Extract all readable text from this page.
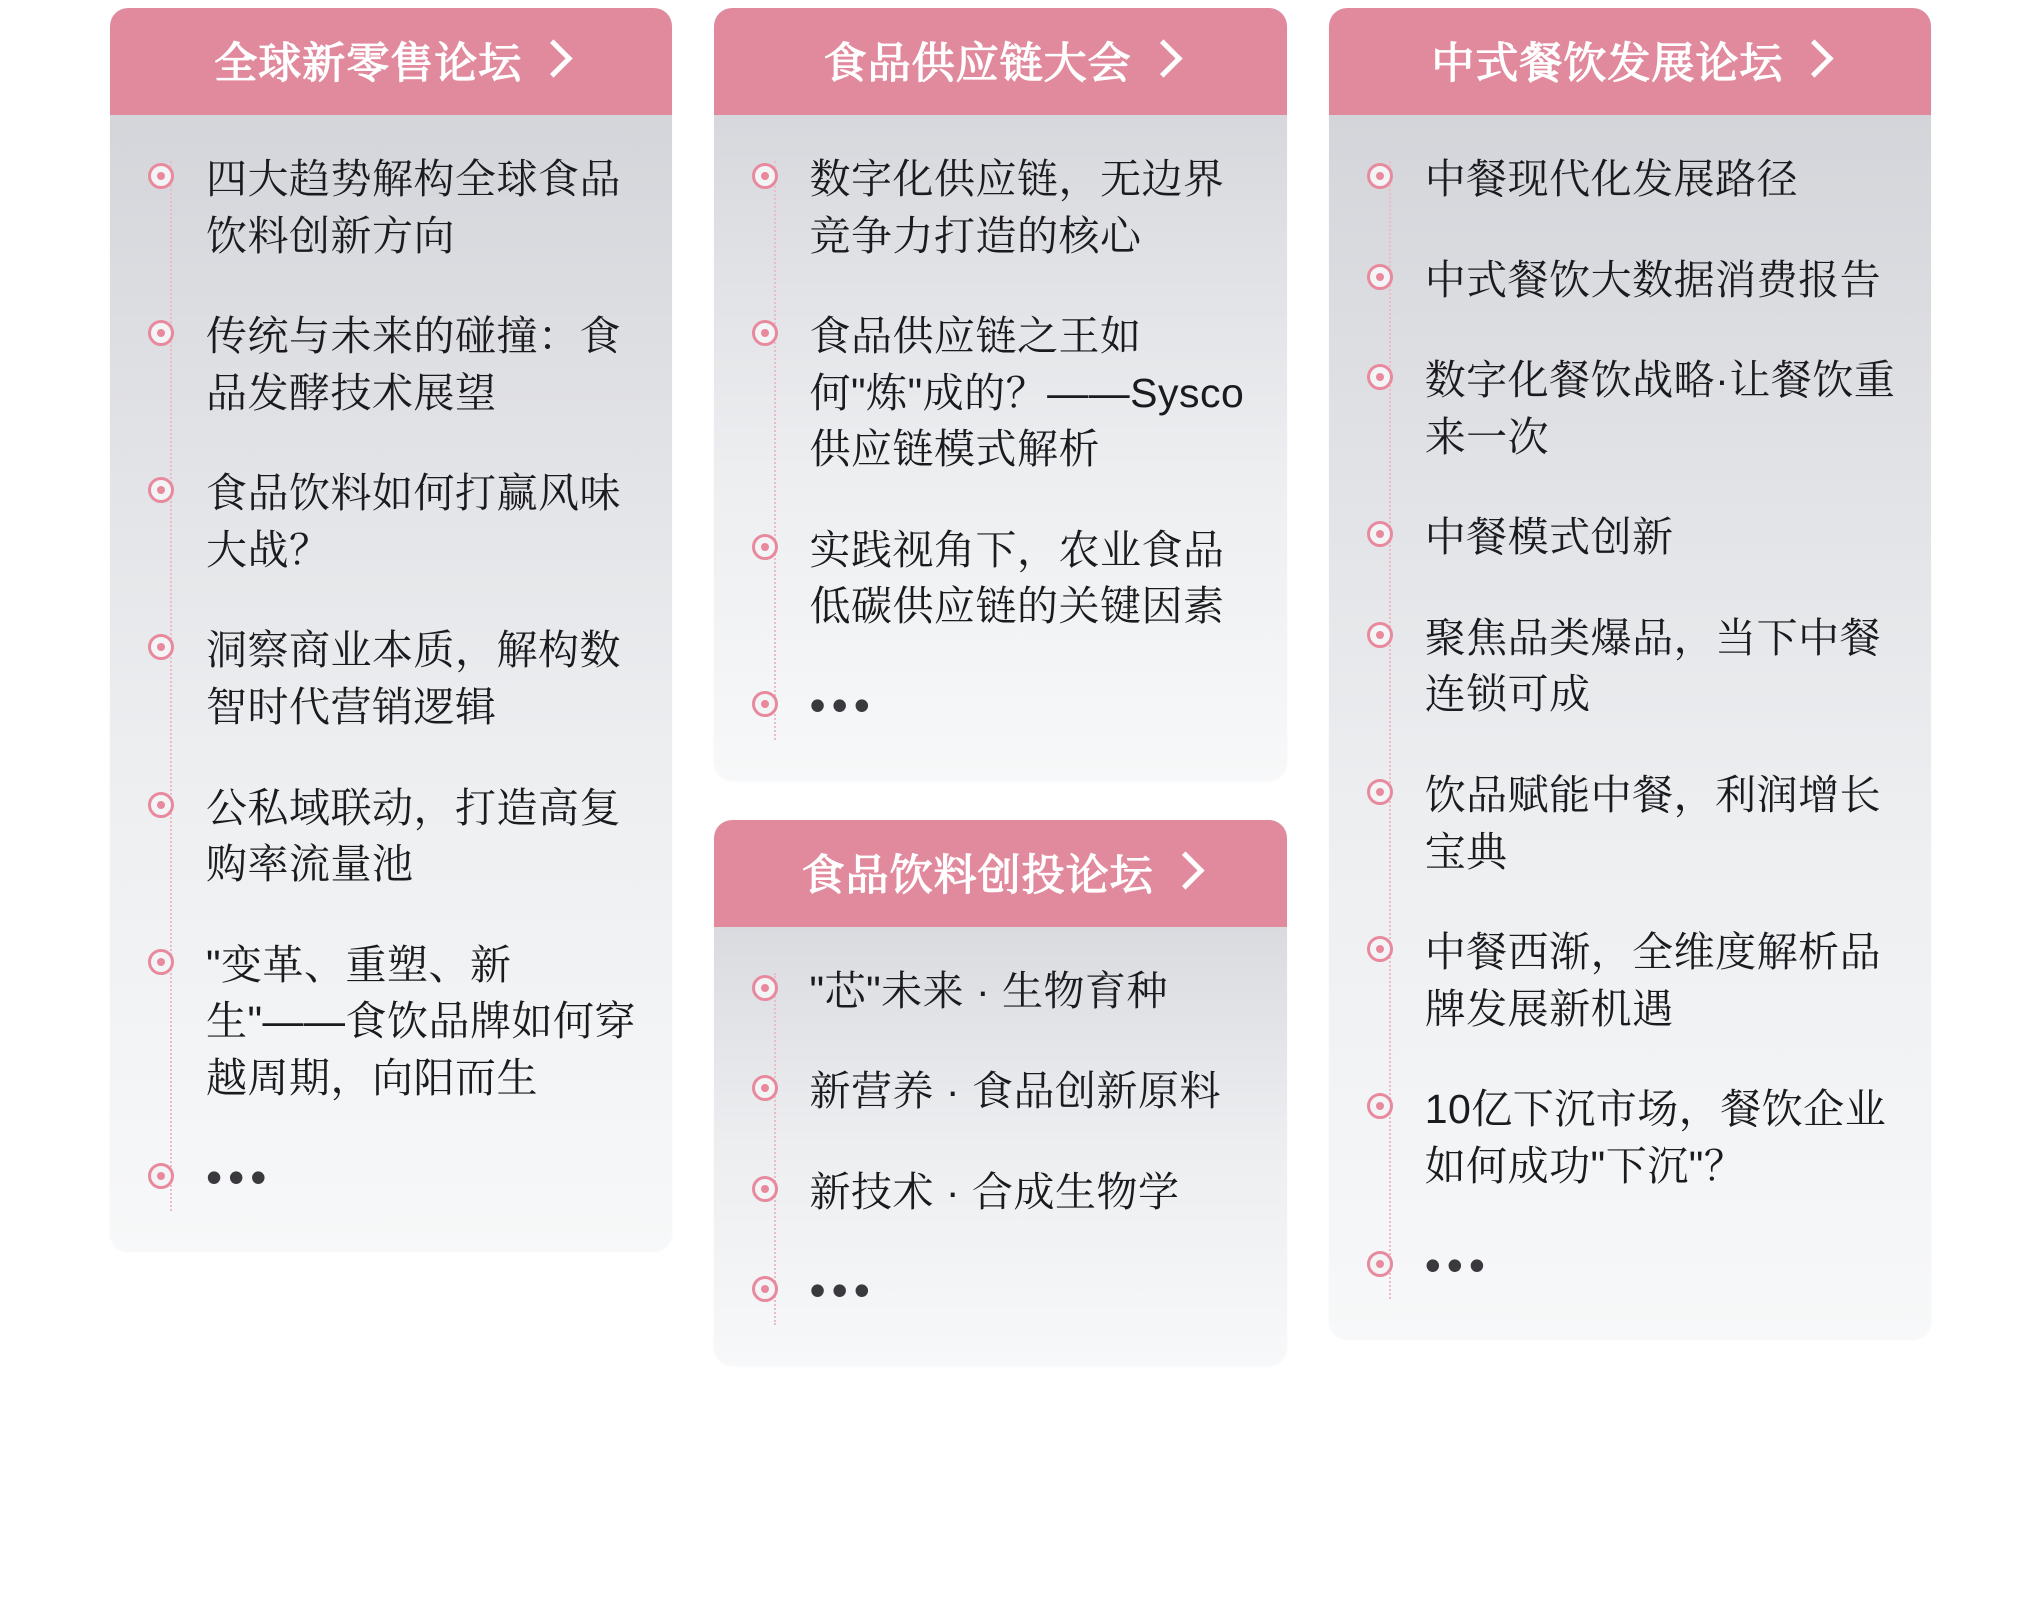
全球新零售论坛
四大趋势解构全球食品饮料创新方向
传统与未来的碰撞：食品发酵技术展望
食品饮料如何打赢风味大战？
洞察商业本质，解构数智时代营销逻辑
公私域联动，打造高复购率流量池
"变革、重塑、新生"——食饮品牌如何穿越周期，向阳而生
•••
食品供应链大会
数字化供应链，无边界竞争力打造的核心
食品供应链之王如何"炼"成的？——Sysco供应链模式解析
实践视角下，农业食品低碳供应链的关键因素
•••
食品饮料创投论坛
"芯"未来 · 生物育种
新营养 · 食品创新原料
新技术 · 合成生物学
•••
中式餐饮发展论坛
中餐现代化发展路径
中式餐饮大数据消费报告
数字化餐饮战略·让餐饮重来一次
中餐模式创新
聚焦品类爆品，当下中餐连锁可成
饮品赋能中餐，利润增长宝典
中餐西渐，全维度解析品牌发展新机遇
10亿下沉市场，餐饮企业如何成功"下沉"？
•••
